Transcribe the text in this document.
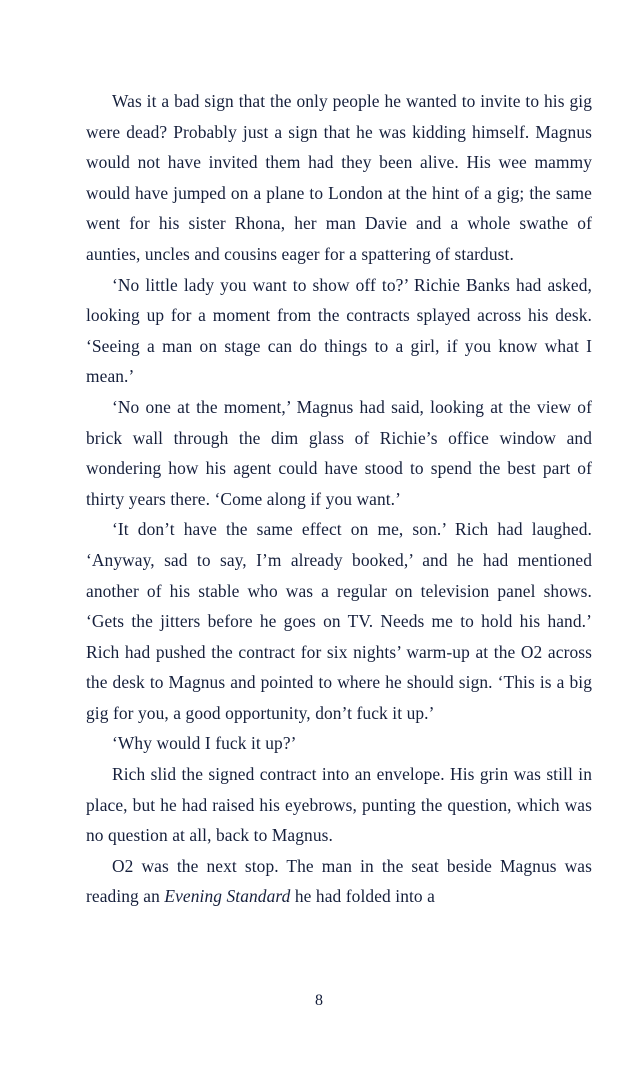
Was it a bad sign that the only people he wanted to invite to his gig were dead? Probably just a sign that he was kidding himself. Magnus would not have invited them had they been alive. His wee mammy would have jumped on a plane to London at the hint of a gig; the same went for his sister Rhona, her man Davie and a whole swathe of aunties, uncles and cousins eager for a spattering of stardust.

‘No little lady you want to show off to?’ Richie Banks had asked, looking up for a moment from the contracts splayed across his desk. ‘Seeing a man on stage can do things to a girl, if you know what I mean.’

‘No one at the moment,’ Magnus had said, looking at the view of brick wall through the dim glass of Richie’s office window and wondering how his agent could have stood to spend the best part of thirty years there. ‘Come along if you want.’

‘It don’t have the same effect on me, son.’ Rich had laughed. ‘Anyway, sad to say, I’m already booked,’ and he had mentioned another of his stable who was a regular on television panel shows. ‘Gets the jitters before he goes on TV. Needs me to hold his hand.’ Rich had pushed the contract for six nights’ warm-up at the O2 across the desk to Magnus and pointed to where he should sign. ‘This is a big gig for you, a good opportunity, don’t fuck it up.’

‘Why would I fuck it up?’

Rich slid the signed contract into an envelope. His grin was still in place, but he had raised his eyebrows, punting the question, which was no question at all, back to Magnus.

O2 was the next stop. The man in the seat beside Magnus was reading an Evening Standard he had folded into a

8
